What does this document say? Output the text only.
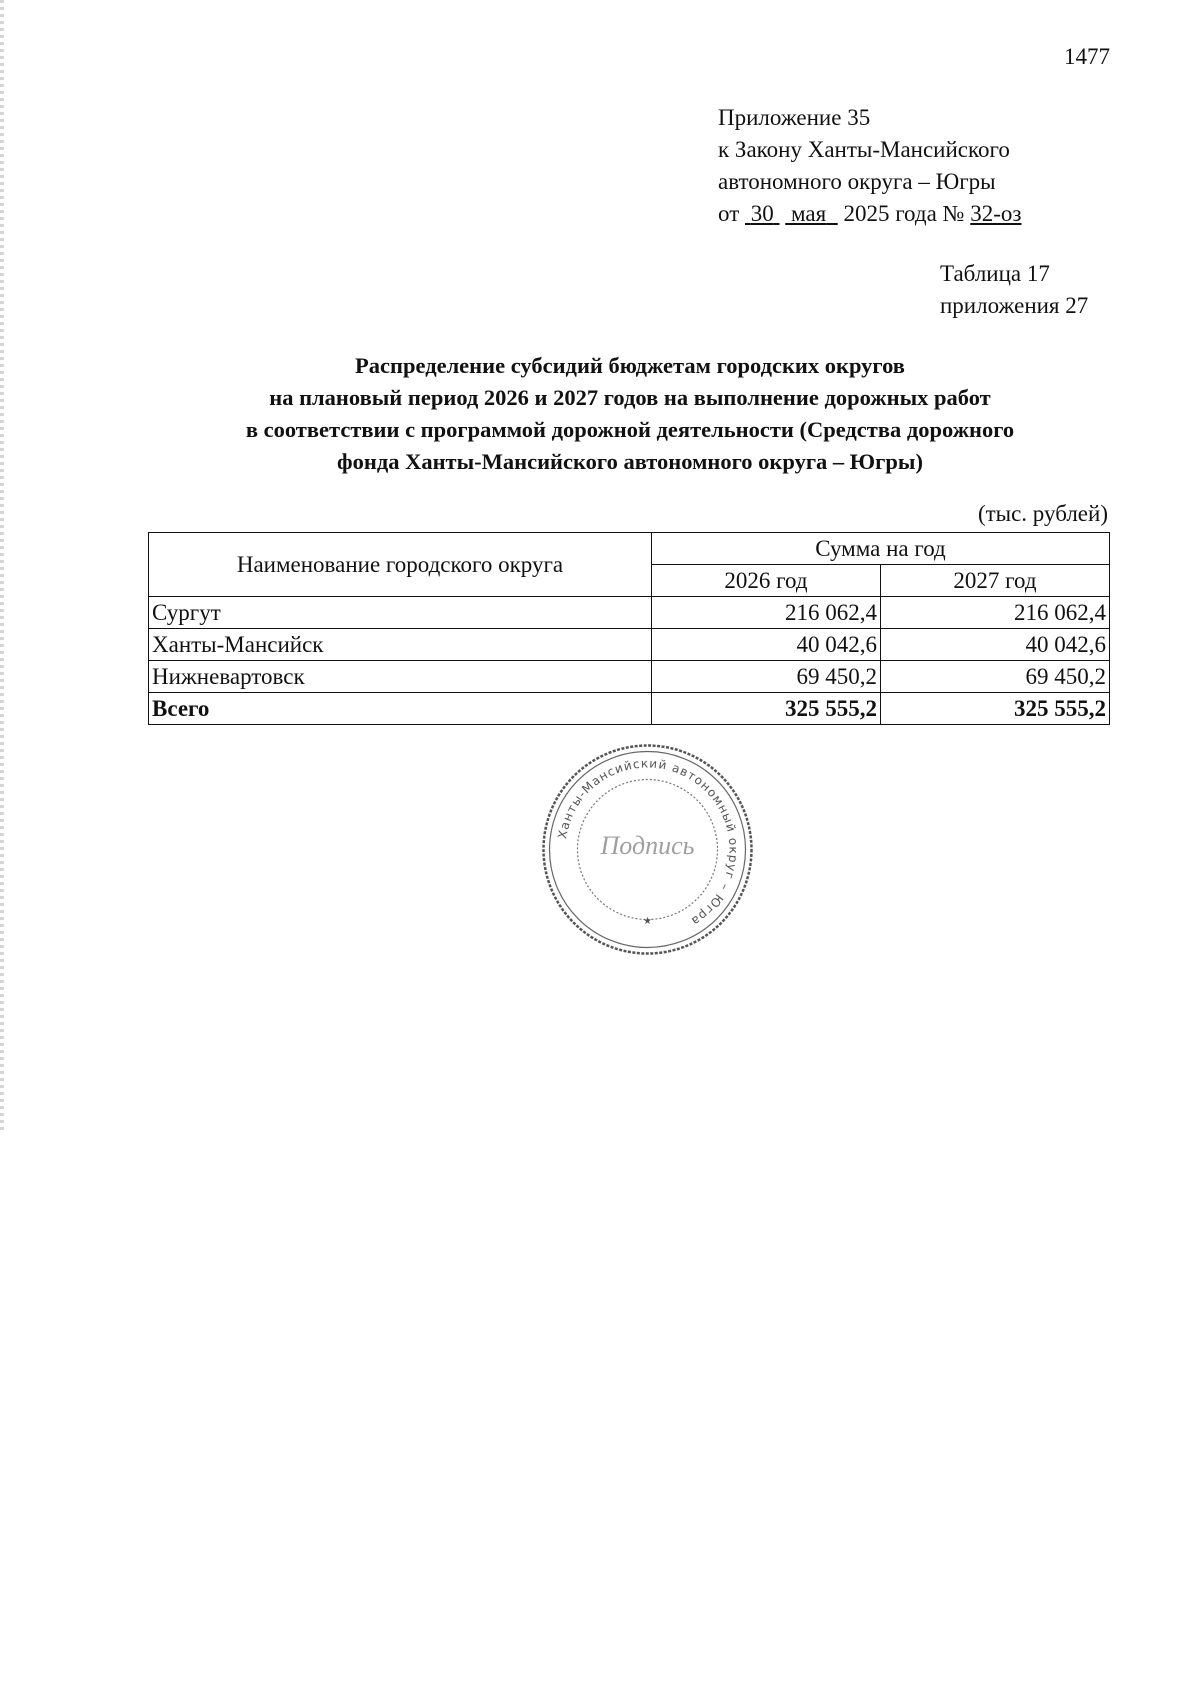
1477
Приложение 35
к Закону Ханты-Мансийского
автономного округа – Югры
от 30 мая 2025 года № 32-оз
Таблица 17
приложения 27
Распределение субсидий бюджетам городских округов
на плановый период 2026 и 2027 годов на выполнение дорожных работ
в соответствии с программой дорожной деятельности (Средства дорожного
фонда Ханты-Мансийского автономного округа – Югры)
(тыс. рублей)
Наименование городского округа	Сумма на год	
	2026 год	2027 год
Сургут	216 062,4	216 062,4
Ханты-Мансийск	40 042,6	40 042,6
Нижневартовск	69 450,2	69 450,2
Всего	325 555,2	325 555,2
Ханты-Мансийский автономный округ – Югра
Подпись
★
